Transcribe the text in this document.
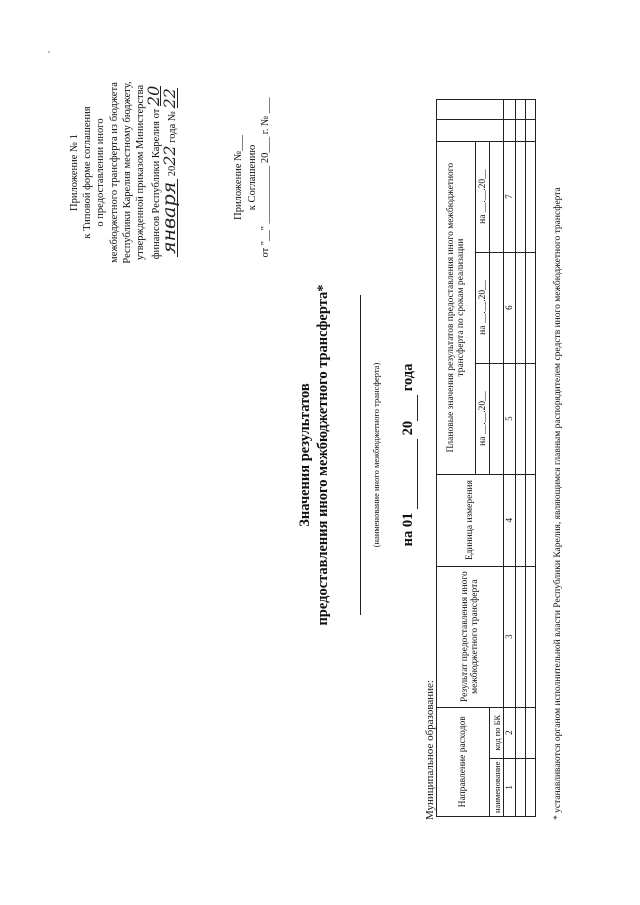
Приложение № 1 к Типовой форме соглашения о предоставлении иного межбюджетного трансферта из бюджета Республики Карелия местному бюджету, утвержденной приказом Министерства финансов Республики Карелия от 20
января 2022 года № 22
Приложение №___ к Соглашению от "__" ___________ 20___ г. № ___
Значения результатов предоставления иного межбюджетного трансферта*
(наименование иного межбюджетного трансферта) на 01   20  года
Муниципальное образование: Направление расходов		Результат предоставления иного межбюджетного трансферта	Единица измерения	Плановые значения результатов предоставления иного межбюджетного трансферта по срокам реализации				
				на __.__.20__	на __.__.20__	на __.__.20__		
наименование	код по БК							
1	2	3	4	5	6	7		

									* устанавливаются органом исполнительной власти Республики Карелия, являющимся главным распорядителем средств иного межбюджетного трансферта
